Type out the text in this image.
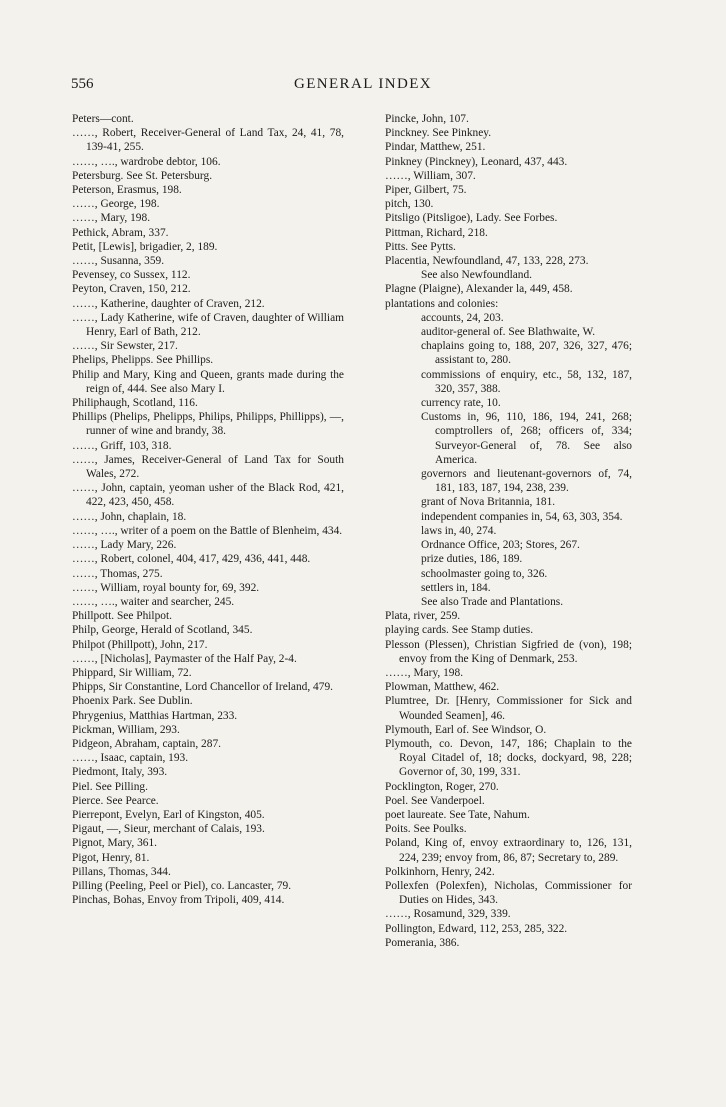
556	GENERAL INDEX
Peters—cont.
……, Robert, Receiver-General of Land Tax, 24, 41, 78, 139-41, 255.
……, …., wardrobe debtor, 106.
Petersburg. See St. Petersburg.
Peterson, Erasmus, 198.
……, George, 198.
……, Mary, 198.
Pethick, Abram, 337.
Petit, [Lewis], brigadier, 2, 189.
……, Susanna, 359.
Pevensey, co Sussex, 112.
Peyton, Craven, 150, 212.
……, Katherine, daughter of Craven, 212.
……, Lady Katherine, wife of Craven, daughter of William Henry, Earl of Bath, 212.
……, Sir Sewster, 217.
Phelips, Phelipps. See Phillips.
Philip and Mary, King and Queen, grants made during the reign of, 444. See also Mary I.
Philiphaugh, Scotland, 116.
Phillips (Phelips, Phelipps, Philips, Philipps, Phillipps), —, runner of wine and brandy, 38.
……, Griff, 103, 318.
……, James, Receiver-General of Land Tax for South Wales, 272.
……, John, captain, yeoman usher of the Black Rod, 421, 422, 423, 450, 458.
……, John, chaplain, 18.
……, …., writer of a poem on the Battle of Blenheim, 434.
……, Lady Mary, 226.
……, Robert, colonel, 404, 417, 429, 436, 441, 448.
……, Thomas, 275.
……, William, royal bounty for, 69, 392.
……, …., waiter and searcher, 245.
Phillpott. See Philpot.
Philp, George, Herald of Scotland, 345.
Philpot (Phillpott), John, 217.
……, [Nicholas], Paymaster of the Half Pay, 2-4.
Phippard, Sir William, 72.
Phipps, Sir Constantine, Lord Chancellor of Ireland, 479.
Phoenix Park. See Dublin.
Phrygenius, Matthias Hartman, 233.
Pickman, William, 293.
Pidgeon, Abraham, captain, 287.
……, Isaac, captain, 193.
Piedmont, Italy, 393.
Piel. See Pilling.
Pierce. See Pearce.
Pierrepont, Evelyn, Earl of Kingston, 405.
Pigaut, —, Sieur, merchant of Calais, 193.
Pignot, Mary, 361.
Pigot, Henry, 81.
Pillans, Thomas, 344.
Pilling (Peeling, Peel or Piel), co. Lancaster, 79.
Pinchas, Bohas, Envoy from Tripoli, 409, 414.
Pincke, John, 107.
Pinckney. See Pinkney.
Pindar, Matthew, 251.
Pinkney (Pinckney), Leonard, 437, 443.
……, William, 307.
Piper, Gilbert, 75.
pitch, 130.
Pitsligo (Pitsligoe), Lady. See Forbes.
Pittman, Richard, 218.
Pitts. See Pytts.
Placentia, Newfoundland, 47, 133, 228, 273.
See also Newfoundland.
Plagne (Plaigne), Alexander la, 449, 458.
plantations and colonies:
accounts, 24, 203.
auditor-general of. See Blathwaite, W.
chaplains going to, 188, 207, 326, 327, 476; assistant to, 280.
commissions of enquiry, etc., 58, 132, 187, 320, 357, 388.
currency rate, 10.
Customs in, 96, 110, 186, 194, 241, 268; comptrollers of, 268; officers of, 334; Surveyor-General of, 78. See also America.
governors and lieutenant-governors of, 74, 181, 183, 187, 194, 238, 239.
grant of Nova Britannia, 181.
independent companies in, 54, 63, 303, 354.
laws in, 40, 274.
Ordnance Office, 203; Stores, 267.
prize duties, 186, 189.
schoolmaster going to, 326.
settlers in, 184.
See also Trade and Plantations.
Plata, river, 259.
playing cards. See Stamp duties.
Plesson (Plessen), Christian Sigfried de (von), 198; envoy from the King of Denmark, 253.
……, Mary, 198.
Plowman, Matthew, 462.
Plumtree, Dr. [Henry, Commissioner for Sick and Wounded Seamen], 46.
Plymouth, Earl of. See Windsor, O.
Plymouth, co. Devon, 147, 186; Chaplain to the Royal Citadel of, 18; docks, dockyard, 98, 228; Governor of, 30, 199, 331.
Pocklington, Roger, 270.
Poel. See Vanderpoel.
poet laureate. See Tate, Nahum.
Poits. See Poulks.
Poland, King of, envoy extraordinary to, 126, 131, 224, 239; envoy from, 86, 87; Secretary to, 289.
Polkinhorn, Henry, 242.
Pollexfen (Polexfen), Nicholas, Commissioner for Duties on Hides, 343.
……, Rosamund, 329, 339.
Pollington, Edward, 112, 253, 285, 322.
Pomerania, 386.
